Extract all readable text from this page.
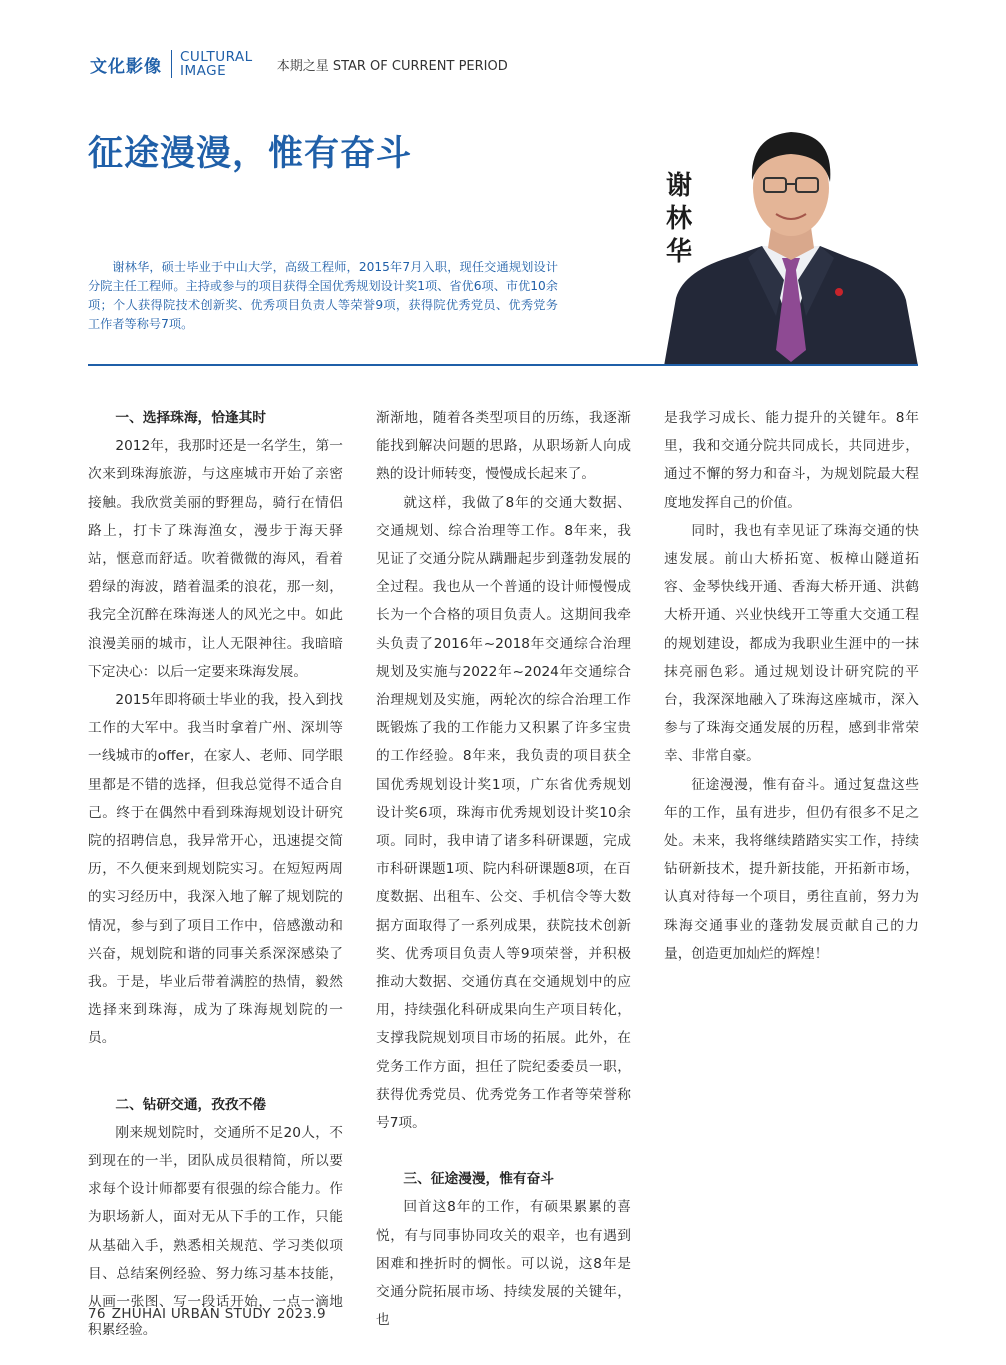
文化影像 CULTURAL
IMAGE	本期之星 STAR OF CURRENT PERIOD
征途漫漫，惟有奋斗

谢林华，硕士毕业于中山大学，高级工程师，2015年7月入职，现任交通规划设计分院主任工程师。主持或参与的项目获得全国优秀规划设计奖1项、省优6项、市优10余项；个人获得院技术创新奖、优秀项目负责人等荣誉9项，获得院优秀党员、优秀党务工作者等称号7项。

谢
林
华
一、选择珠海，恰逢其时

2012年，我那时还是一名学生，第一次来到珠海旅游，与这座城市开始了亲密接触。我欣赏美丽的野狸岛，骑行在情侣路上，打卡了珠海渔女，漫步于海天驿站，惬意而舒适。吹着微微的海风，看着碧绿的海波，踏着温柔的浪花，那一刻，我完全沉醉在珠海迷人的风光之中。如此浪漫美丽的城市，让人无限神往。我暗暗下定决心：以后一定要来珠海发展。

2015年即将硕士毕业的我，投入到找工作的大军中。我当时拿着广州、深圳等一线城市的offer，在家人、老师、同学眼里都是不错的选择，但我总觉得不适合自己。终于在偶然中看到珠海规划设计研究院的招聘信息，我异常开心，迅速提交简历，不久便来到规划院实习。在短短两周的实习经历中，我深入地了解了规划院的情况，参与到了项目工作中，倍感激动和兴奋，规划院和谐的同事关系深深感染了我。于是，毕业后带着满腔的热情，毅然选择来到珠海，成为了珠海规划院的一员。

二、钻研交通，孜孜不倦

刚来规划院时，交通所不足20人，不到现在的一半，团队成员很精简，所以要求每个设计师都要有很强的综合能力。作为职场新人，面对无从下手的工作，只能从基础入手，熟悉相关规范、学习类似项目、总结案例经验、努力练习基本技能，从画一张图、写一段话开始，一点一滴地积累经验。

渐渐地，随着各类型项目的历练，我逐渐能找到解决问题的思路，从职场新人向成熟的设计师转变，慢慢成长起来了。

就这样，我做了8年的交通大数据、交通规划、综合治理等工作。8年来，我见证了交通分院从蹒跚起步到蓬勃发展的全过程。我也从一个普通的设计师慢慢成长为一个合格的项目负责人。这期间我牵头负责了2016年~2018年交通综合治理规划及实施与2022年~2024年交通综合治理规划及实施，两轮次的综合治理工作既锻炼了我的工作能力又积累了许多宝贵的工作经验。8年来，我负责的项目获全国优秀规划设计奖1项，广东省优秀规划设计奖6项，珠海市优秀规划设计奖10余项。同时，我申请了诸多科研课题，完成市科研课题1项、院内科研课题8项，在百度数据、出租车、公交、手机信令等大数据方面取得了一系列成果，获院技术创新奖、优秀项目负责人等9项荣誉，并积极推动大数据、交通仿真在交通规划中的应用，持续强化科研成果向生产项目转化，支撑我院规划项目市场的拓展。此外，在党务工作方面，担任了院纪委委员一职，获得优秀党员、优秀党务工作者等荣誉称号7项。

三、征途漫漫，惟有奋斗

回首这8年的工作，有硕果累累的喜悦，有与同事协同攻关的艰辛，也有遇到困难和挫折时的惆怅。可以说，这8年是交通分院拓展市场、持续发展的关键年，也

是我学习成长、能力提升的关键年。8年里，我和交通分院共同成长，共同进步，通过不懈的努力和奋斗，为规划院最大程度地发挥自己的价值。

同时，我也有幸见证了珠海交通的快速发展。前山大桥拓宽、板樟山隧道拓容、金琴快线开通、香海大桥开通、洪鹤大桥开通、兴业快线开工等重大交通工程的规划建设，都成为我职业生涯中的一抹抹亮丽色彩。通过规划设计研究院的平台，我深深地融入了珠海这座城市，深入参与了珠海交通发展的历程，感到非常荣幸、非常自豪。

征途漫漫，惟有奋斗。通过复盘这些年的工作，虽有进步，但仍有很多不足之处。未来，我将继续踏踏实实工作，持续钻研新技术，提升新技能，开拓新市场，认真对待每一个项目，勇往直前，努力为珠海交通事业的蓬勃发展贡献自己的力量，创造更加灿烂的辉煌！

76 ZHUHAI URBAN STUDY 2023.9
